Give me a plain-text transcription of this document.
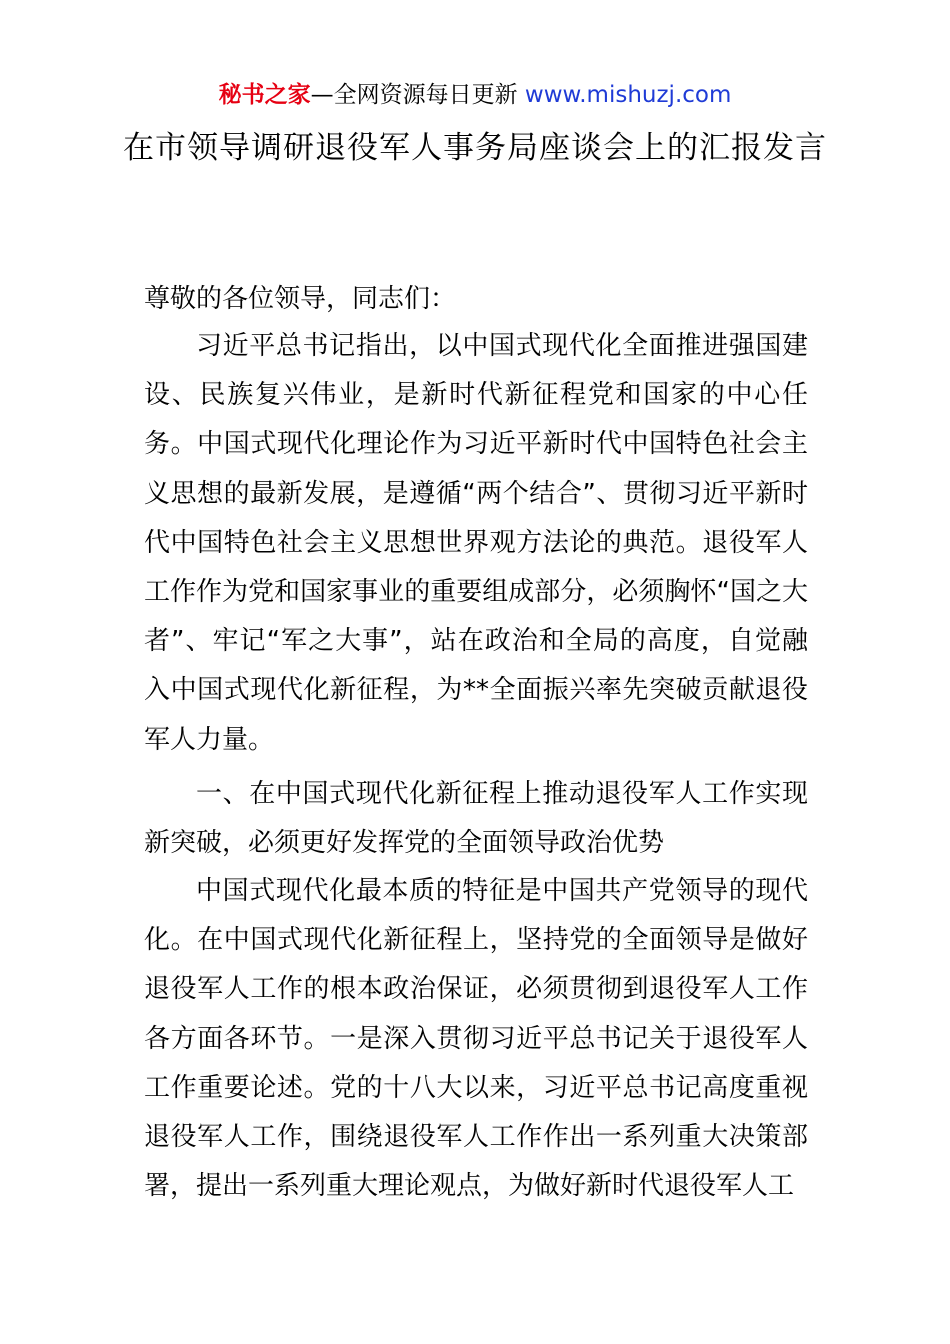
秘书之家—全网资源每日更新 www.mishuzj.com
在市领导调研退役军人事务局座谈会上的汇报发言
尊敬的各位领导，同志们：
习近平总书记指出，以中国式现代化全面推进强国建设、民族复兴伟业，是新时代新征程党和国家的中心任务。中国式现代化理论作为习近平新时代中国特色社会主义思想的最新发展，是遵循“两个结合”、贯彻习近平新时代中国特色社会主义思想世界观方法论的典范。退役军人工作作为党和国家事业的重要组成部分，必须胸怀“国之大者”、牢记“军之大事”，站在政治和全局的高度，自觉融入中国式现代化新征程，为**全面振兴率先突破贡献退役军人力量。
一、在中国式现代化新征程上推动退役军人工作实现新突破，必须更好发挥党的全面领导政治优势
中国式现代化最本质的特征是中国共产党领导的现代化。在中国式现代化新征程上，坚持党的全面领导是做好退役军人工作的根本政治保证，必须贯彻到退役军人工作各方面各环节。一是深入贯彻习近平总书记关于退役军人工作重要论述。党的十八大以来，习近平总书记高度重视退役军人工作，围绕退役军人工作作出一系列重大决策部署，提出一系列重大理论观点，为做好新时代退役军人工
